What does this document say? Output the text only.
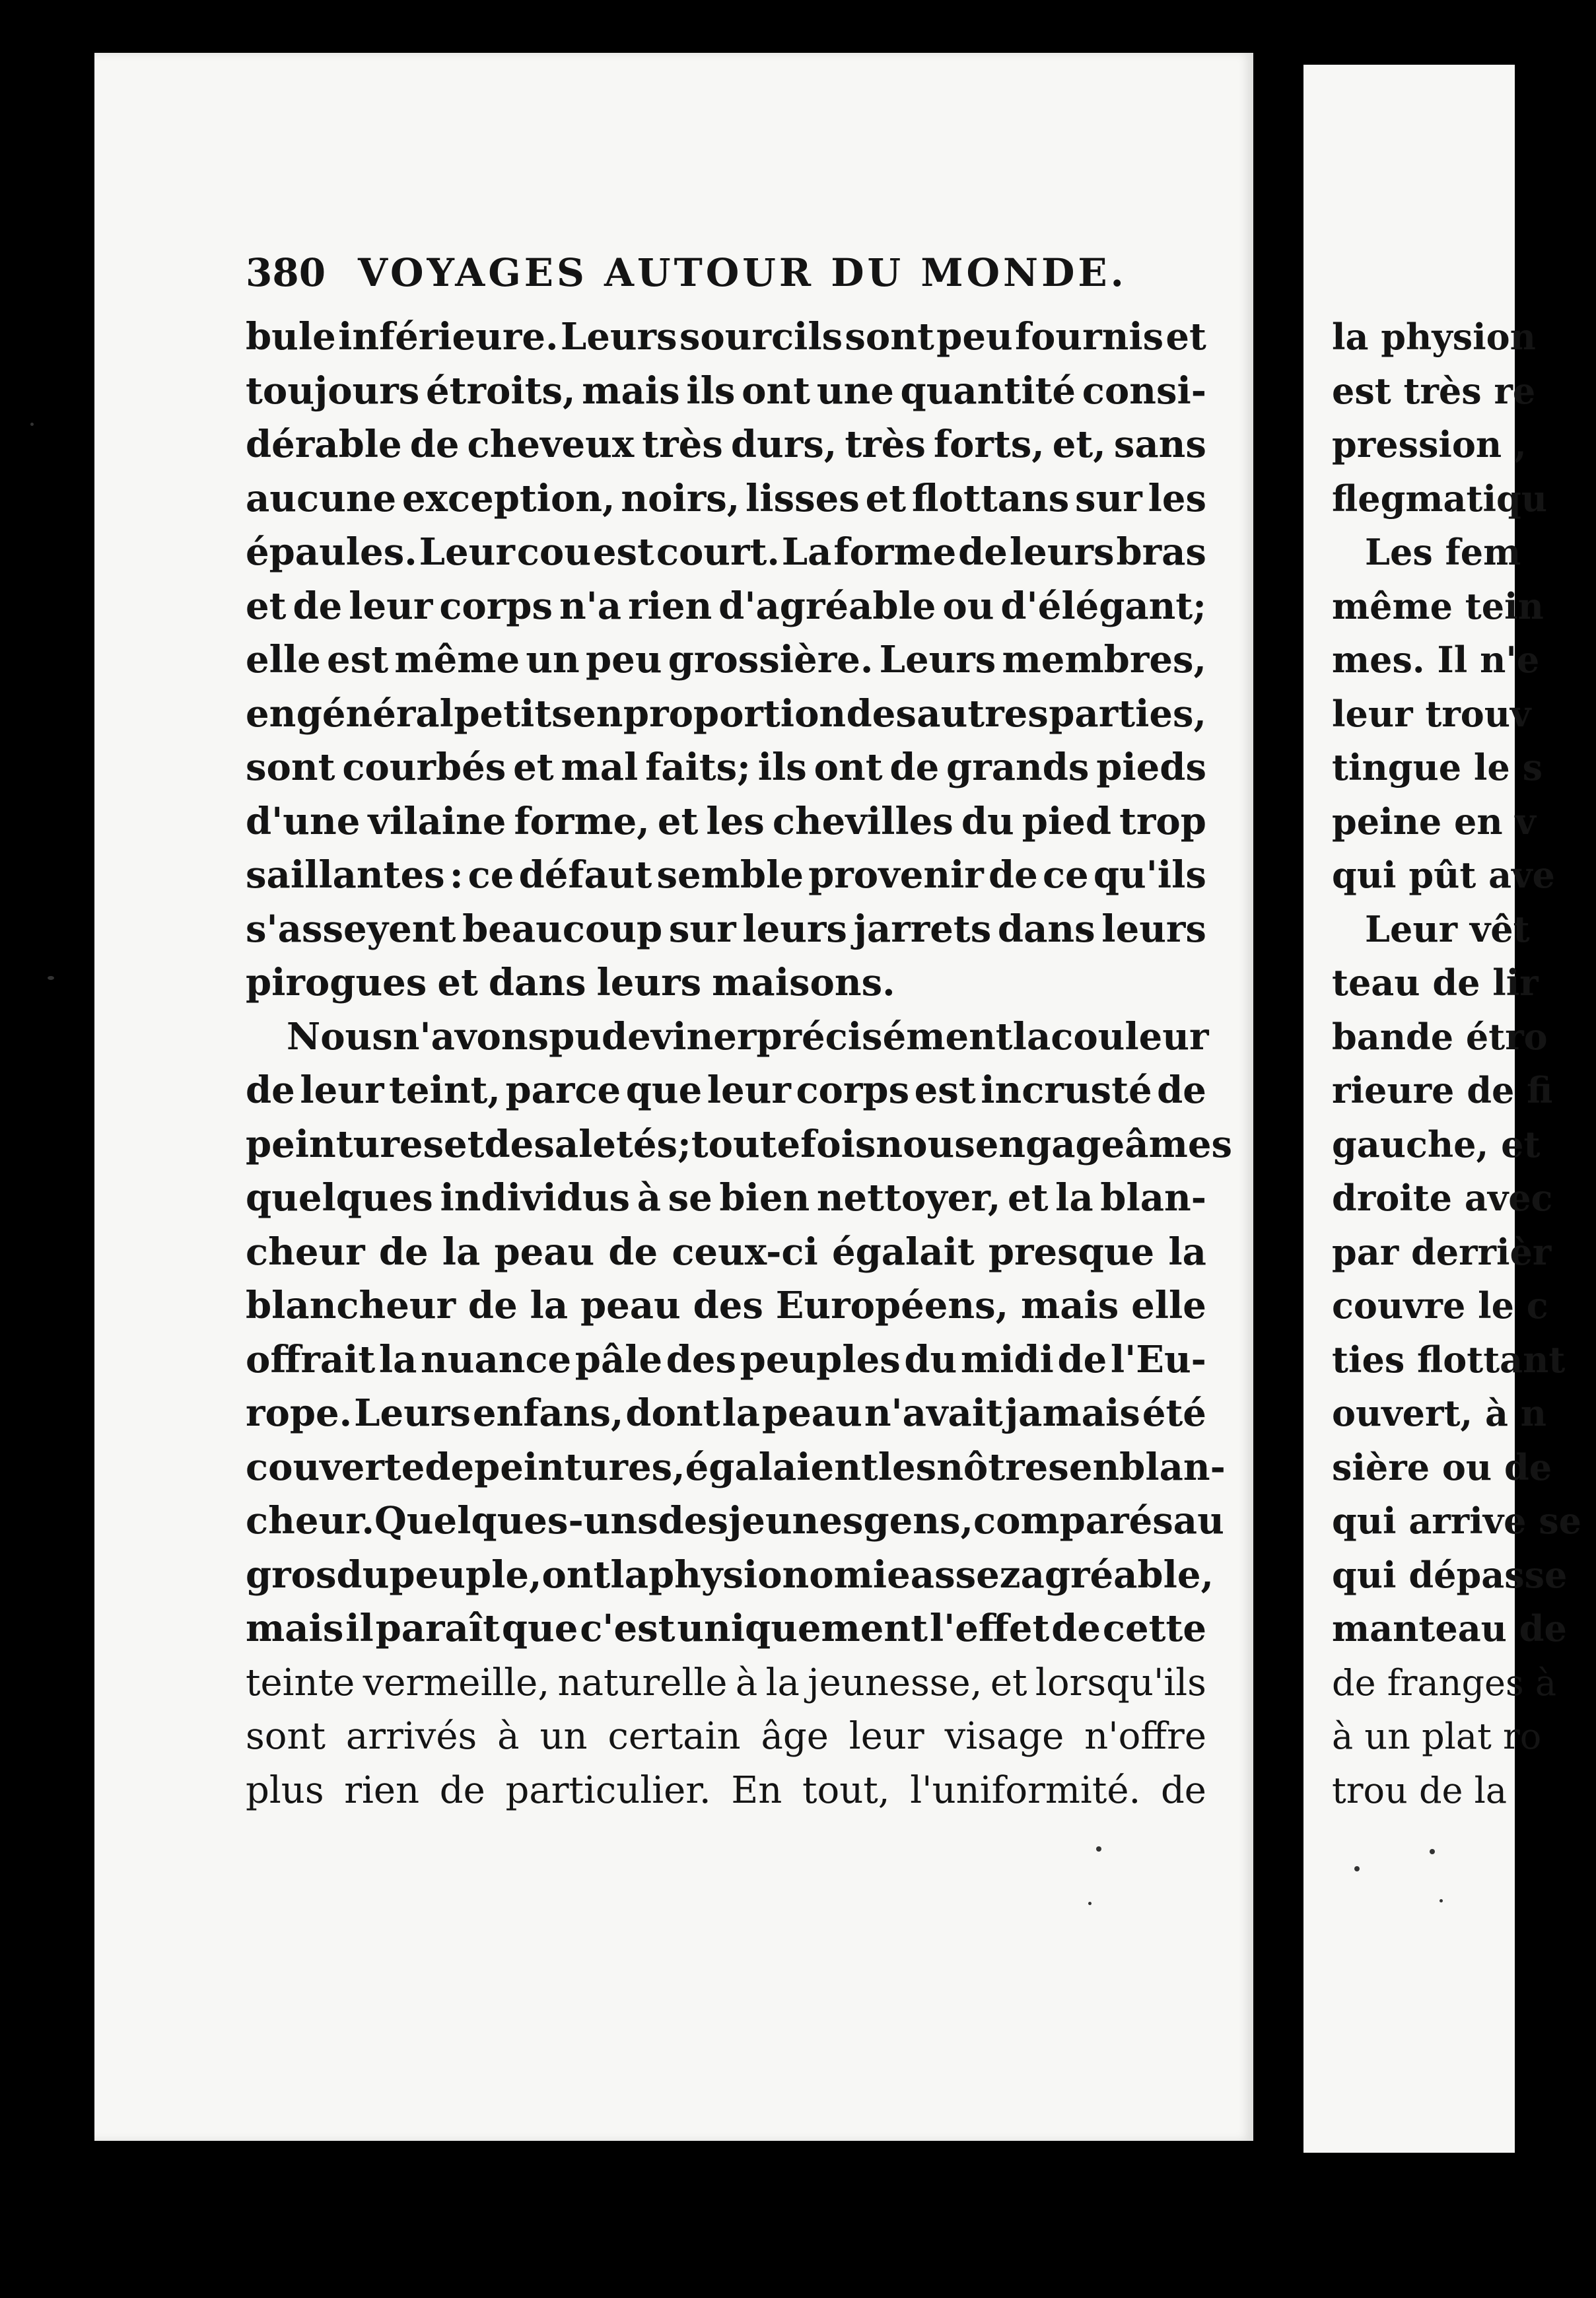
380 VOYAGES AUTOUR DU MONDE.
bule inférieure. Leurs sourcils sont peu fournis et
toujours étroits, mais ils ont une quantité consi-
dérable de cheveux très durs, très forts, et, sans
aucune exception, noirs, lisses et flottans sur les
épaules. Leur cou est court. La forme de leurs bras
et de leur corps n'a rien d'agréable ou d'élégant;
elle est même un peu grossière. Leurs membres,
en général petits en proportion des autres parties,
sont courbés et mal faits; ils ont de grands pieds
d'une vilaine forme, et les chevilles du pied trop
saillantes : ce défaut semble provenir de ce qu'ils
s'asseyent beaucoup sur leurs jarrets dans leurs
pirogues et dans leurs maisons.
Nous n'avons pu deviner précisément la couleur
de leur teint, parce que leur corps est incrusté de
peintures et de saletés; toutefois nous engageâmes
quelques individus à se bien nettoyer, et la blan-
cheur de la peau de ceux-ci égalait presque la
blancheur de la peau des Européens, mais elle
offrait la nuance pâle des peuples du midi de l'Eu-
rope. Leurs enfans, dont la peau n'avait jamais été
couverte de peintures, égalaient les nôtres en blan-
cheur. Quelques-uns des jeunes gens, comparés au
gros du peuple, ont la physionomie assez agréable,
mais il paraît que c'est uniquement l'effet de cette
teinte vermeille, naturelle à la jeunesse, et lorsqu'ils
sont arrivés à un certain âge leur visage n'offre
plus rien de particulier. En tout, l'uniformité. de
la physion
est très re
pression ,
flegmatiqu
Les fem
même tein
mes. Il n'e
leur trouv
tingue le s
peine en v
qui pût ave
Leur vêt
teau de lir
bande étro
rieure de fi
gauche, et
droite avec
par derrièr
couvre le c
ties flottant
ouvert, à n
sière ou de
qui arrive se
qui dépasse
manteau de
de franges à
à un plat ro
trou de la
